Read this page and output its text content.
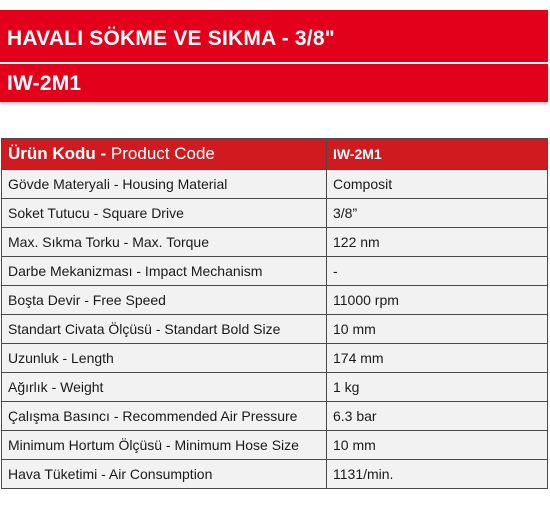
HAVALI SÖKME VE SIKMA - 3/8"
IW-2M1
Ürün Kodu - Product Code	IW-2M1
Gövde Materyali - Housing Material	Composit
Soket Tutucu - Square Drive	3/8”
Max. Sıkma Torku - Max. Torque	122 nm
Darbe Mekanizması - Impact Mechanism	-
Boşta Devir - Free Speed	11000 rpm
Standart Civata Ölçüsü - Standart Bold Size	10 mm
Uzunluk - Length	174 mm
Ağırlık - Weight	1 kg
Çalışma Basıncı - Recommended Air Pressure	6.3 bar
Minimum Hortum Ölçüsü - Minimum Hose Size	10 mm
Hava Tüketimi - Air Consumption	1131/min.
